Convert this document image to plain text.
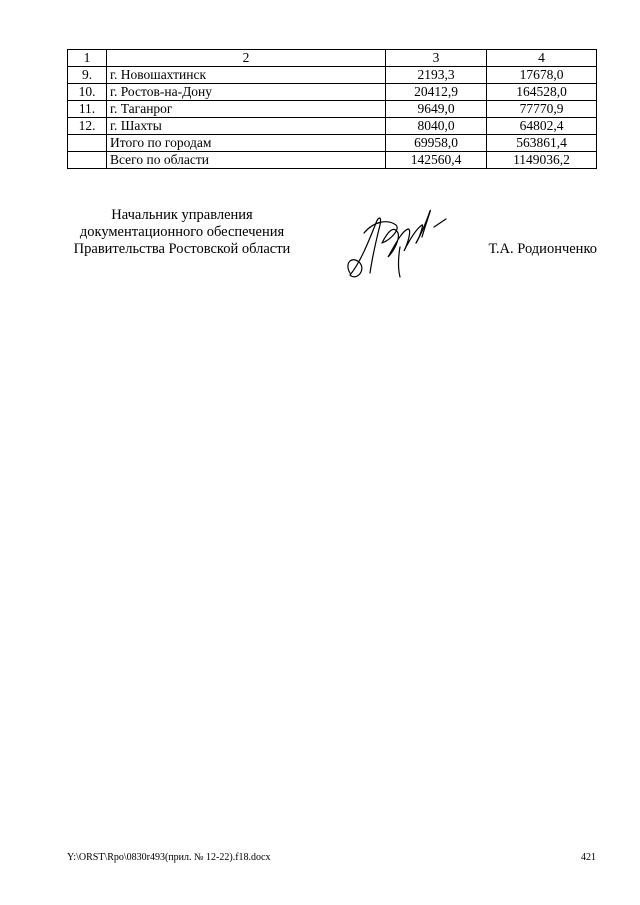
1	2	3	4
9.	г. Новошахтинск	2193,3	17678,0
10.	г. Ростов-на-Дону	20412,9	164528,0
11.	г. Таганрог	9649,0	77770,9
12.	г. Шахты	8040,0	64802,4
	Итого по городам	69958,0	563861,4
	Всего по области	142560,4	1149036,2
Начальник управления
документационного обеспечения
Правительства Ростовской области	Т.А. Родионченко
Y:\ORST\Rpo\0830r493(прил. № 12-22).f18.docx	421
